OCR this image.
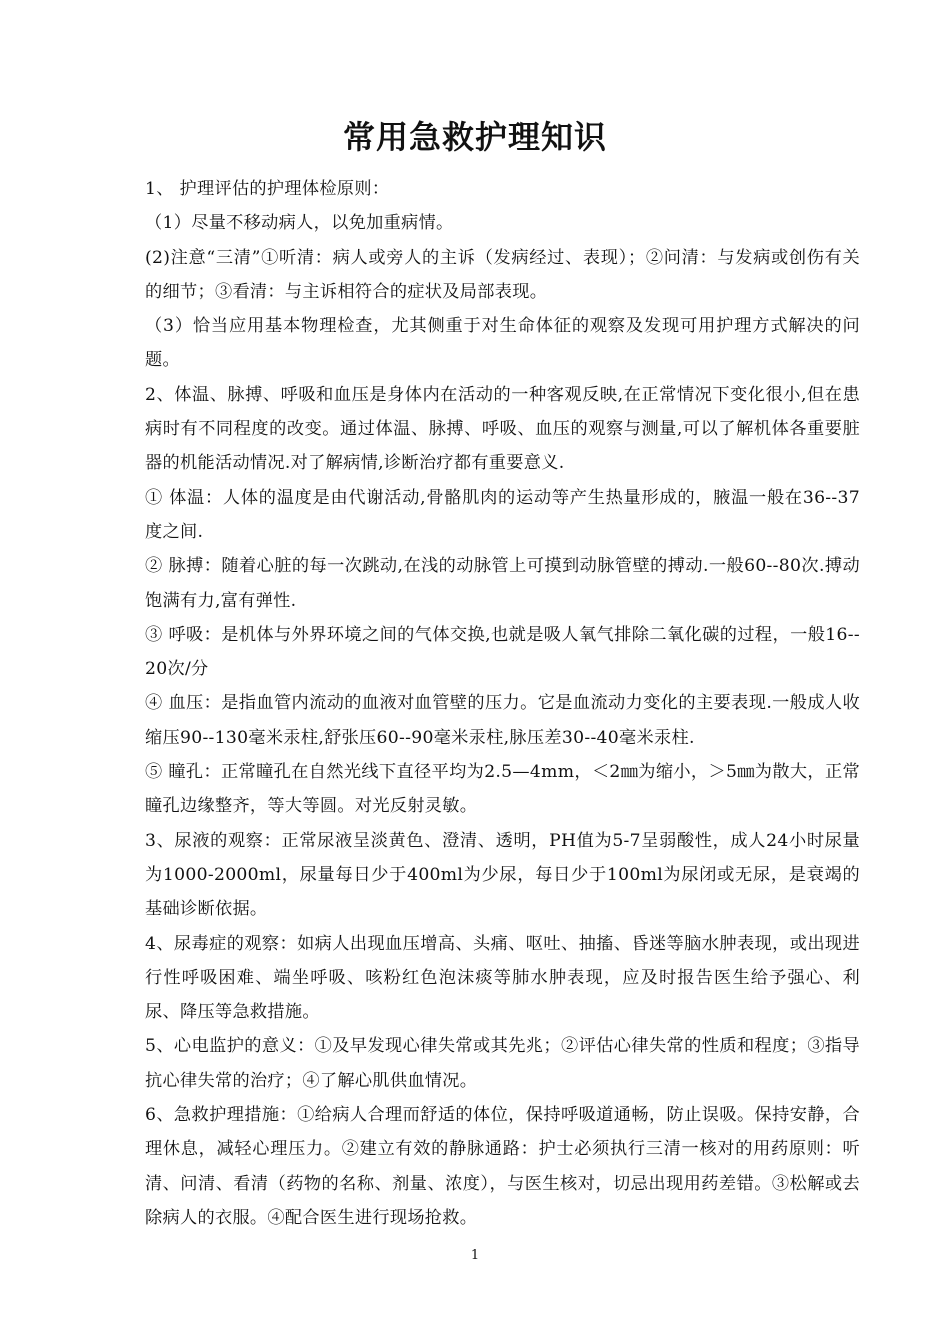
常用急救护理知识

1、 护理评估的护理体检原则：

（1）尽量不移动病人，以免加重病情。

(2)注意“三清”①听清：病人或旁人的主诉（发病经过、表现）；②问清：与发病或创伤有关的细节；③看清：与主诉相符合的症状及局部表现。

（3）恰当应用基本物理检查，尤其侧重于对生命体征的观察及发现可用护理方式解决的问题。

2、体温、脉搏、呼吸和血压是身体内在活动的一种客观反映,在正常情况下变化很小,但在患病时有不同程度的改变。通过体温、脉搏、呼吸、血压的观察与测量,可以了解机体各重要脏器的机能活动情况.对了解病情,诊断治疗都有重要意义.

① 体温：人体的温度是由代谢活动,骨骼肌肉的运动等产生热量形成的，腋温一般在36--37度之间.

② 脉搏：随着心脏的每一次跳动,在浅的动脉管上可摸到动脉管壁的搏动.一般60--80次.搏动饱满有力,富有弹性.

③ 呼吸：是机体与外界环境之间的气体交换,也就是吸人氧气排除二氧化碳的过程，一般16--20次/分

④ 血压：是指血管内流动的血液对血管壁的压力。它是血流动力变化的主要表现.一般成人收缩压90--130毫米汞柱,舒张压60--90毫米汞柱,脉压差30--40毫米汞柱.

⑤ 瞳孔：正常瞳孔在自然光线下直径平均为2.5—4mm，＜2㎜为缩小，＞5㎜为散大，正常瞳孔边缘整齐，等大等圆。对光反射灵敏。

3、尿液的观察：正常尿液呈淡黄色、澄清、透明，PH值为5-7呈弱酸性，成人24小时尿量为1000-2000ml，尿量每日少于400ml为少尿，每日少于100ml为尿闭或无尿，是衰竭的基础诊断依据。

4、尿毒症的观察：如病人出现血压增高、头痛、呕吐、抽搐、昏迷等脑水肿表现，或出现进行性呼吸困难、端坐呼吸、咳粉红色泡沫痰等肺水肿表现，应及时报告医生给予强心、利尿、降压等急救措施。

5、心电监护的意义：①及早发现心律失常或其先兆；②评估心律失常的性质和程度；③指导抗心律失常的治疗；④了解心肌供血情况。

6、急救护理措施：①给病人合理而舒适的体位，保持呼吸道通畅，防止误吸。保持安静，合理休息，减轻心理压力。②建立有效的静脉通路：护士必须执行三清一核对的用药原则：听清、问清、看清（药物的名称、剂量、浓度），与医生核对，切忌出现用药差错。③松解或去除病人的衣服。④配合医生进行现场抢救。

1
